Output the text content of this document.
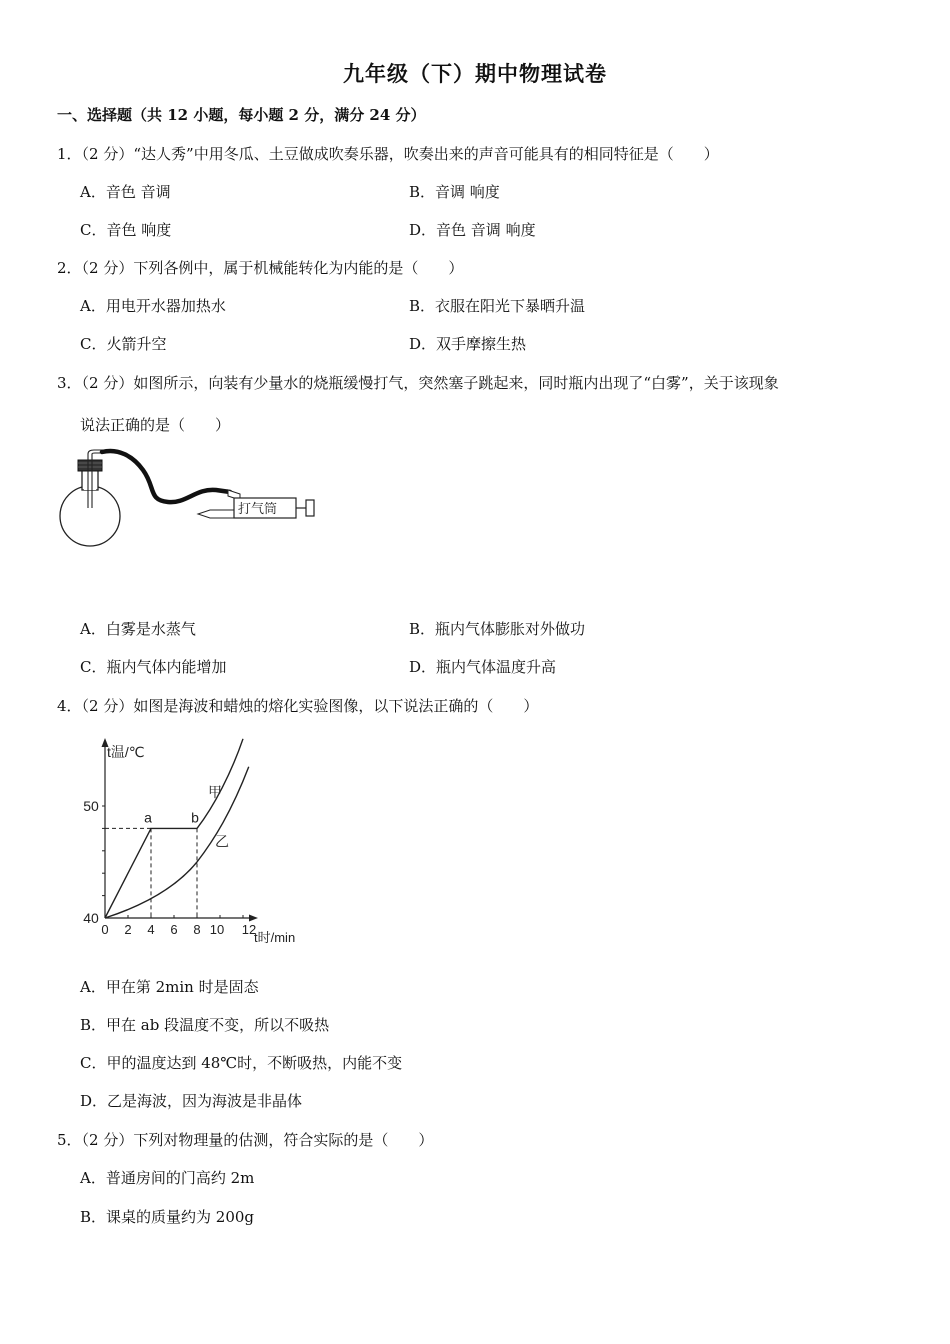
九年级（下）期中物理试卷
一、选择题（共 12 小题，每小题 2 分，满分 24 分）
1．（2 分）“达人秀”中用冬瓜、土豆做成吹奏乐器，吹奏出来的声音可能具有的相同特征是（　　）
A．音色 音调	B．音调 响度
C．音色 响度	D．音色 音调 响度
2．（2 分）下列各例中，属于机械能转化为内能的是（　　）
A．用电开水器加热水	B．衣服在阳光下暴晒升温
C．火箭升空	D．双手摩擦生热
3．（2 分）如图所示，向装有少量水的烧瓶缓慢打气，突然塞子跳起来，同时瓶内出现了“白雾”，关于该现象
说法正确的是（　　）
打气筒
A．白雾是水蒸气	B．瓶内气体膨胀对外做功
C．瓶内气体内能增加	D．瓶内气体温度升高
4．（2 分）如图是海波和蜡烛的熔化实验图像，以下说法正确的（　　）
40
50
0 2 4 6 8 10 12
t温/℃
t时/min
a	b
甲
乙
A．甲在第 2min 时是固态
B．甲在 ab 段温度不变，所以不吸热
C．甲的温度达到 48℃时，不断吸热，内能不变
D．乙是海波，因为海波是非晶体
5．（2 分）下列对物理量的估测，符合实际的是（　　）
A．普通房间的门高约 2m
B．课桌的质量约为 200g
